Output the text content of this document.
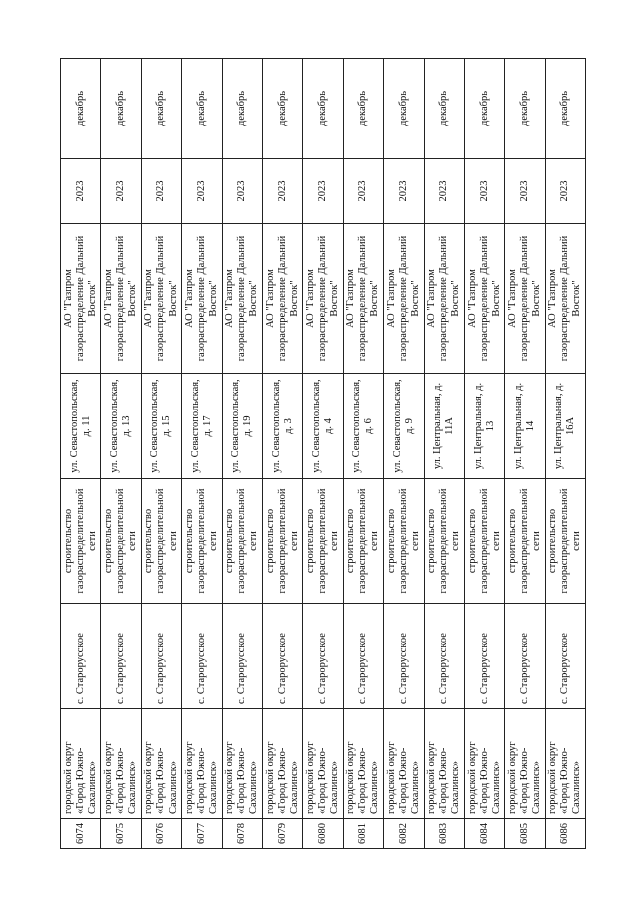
6074	городской округ «Город Южно-Сахалинск»	с. Старорусское	строительство газораспределительной сети	ул. Севастопольская, д. 11	АО "Газпром газораспределение Дальний Восток"	2023	декабрь
6075	городской округ «Город Южно-Сахалинск»	с. Старорусское	строительство газораспределительной сети	ул. Севастопольская, д. 13	АО "Газпром газораспределение Дальний Восток"	2023	декабрь
6076	городской округ «Город Южно-Сахалинск»	с. Старорусское	строительство газораспределительной сети	ул. Севастопольская, д. 15	АО "Газпром газораспределение Дальний Восток"	2023	декабрь
6077	городской округ «Город Южно-Сахалинск»	с. Старорусское	строительство газораспределительной сети	ул. Севастопольская, д. 17	АО "Газпром газораспределение Дальний Восток"	2023	декабрь
6078	городской округ «Город Южно-Сахалинск»	с. Старорусское	строительство газораспределительной сети	ул. Севастопольская, д. 19	АО "Газпром газораспределение Дальний Восток"	2023	декабрь
6079	городской округ «Город Южно-Сахалинск»	с. Старорусское	строительство газораспределительной сети	ул. Севастопольская, д. 3	АО "Газпром газораспределение Дальний Восток"	2023	декабрь
6080	городской округ «Город Южно-Сахалинск»	с. Старорусское	строительство газораспределительной сети	ул. Севастопольская, д. 4	АО "Газпром газораспределение Дальний Восток"	2023	декабрь
6081	городской округ «Город Южно-Сахалинск»	с. Старорусское	строительство газораспределительной сети	ул. Севастопольская, д. 6	АО "Газпром газораспределение Дальний Восток"	2023	декабрь
6082	городской округ «Город Южно-Сахалинск»	с. Старорусское	строительство газораспределительной сети	ул. Севастопольская, д. 9	АО "Газпром газораспределение Дальний Восток"	2023	декабрь
6083	городской округ «Город Южно-Сахалинск»	с. Старорусское	строительство газораспределительной сети	ул. Центральная, д. 11А	АО "Газпром газораспределение Дальний Восток"	2023	декабрь
6084	городской округ «Город Южно-Сахалинск»	с. Старорусское	строительство газораспределительной сети	ул. Центральная, д. 13	АО "Газпром газораспределение Дальний Восток"	2023	декабрь
6085	городской округ «Город Южно-Сахалинск»	с. Старорусское	строительство газораспределительной сети	ул. Центральная, д. 14	АО "Газпром газораспределение Дальний Восток"	2023	декабрь
6086	городской округ «Город Южно-Сахалинск»	с. Старорусское	строительство газораспределительной сети	ул. Центральная, д. 16А	АО "Газпром газораспределение Дальний Восток"	2023	декабрь
